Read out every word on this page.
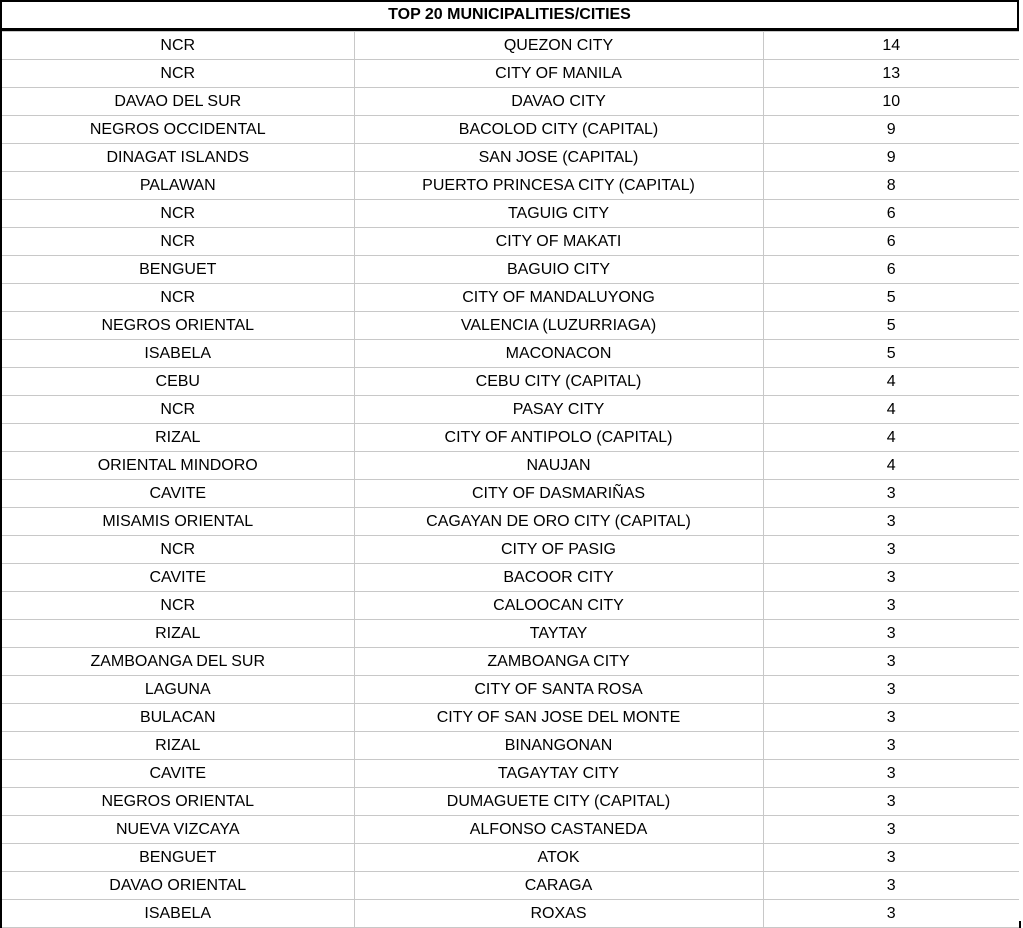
TOP 20 MUNICIPALITIES/CITIES
NCR	QUEZON CITY	14
NCR	CITY OF MANILA	13
DAVAO DEL SUR	DAVAO CITY	10
NEGROS OCCIDENTAL	BACOLOD CITY (CAPITAL)	9
DINAGAT ISLANDS	SAN JOSE (CAPITAL)	9
PALAWAN	PUERTO PRINCESA CITY (CAPITAL)	8
NCR	TAGUIG CITY	6
NCR	CITY OF MAKATI	6
BENGUET	BAGUIO CITY	6
NCR	CITY OF MANDALUYONG	5
NEGROS ORIENTAL	VALENCIA (LUZURRIAGA)	5
ISABELA	MACONACON	5
CEBU	CEBU CITY (CAPITAL)	4
NCR	PASAY CITY	4
RIZAL	CITY OF ANTIPOLO (CAPITAL)	4
ORIENTAL MINDORO	NAUJAN	4
CAVITE	CITY OF DASMARIÑAS	3
MISAMIS ORIENTAL	CAGAYAN DE ORO CITY (CAPITAL)	3
NCR	CITY OF PASIG	3
CAVITE	BACOOR CITY	3
NCR	CALOOCAN CITY	3
RIZAL	TAYTAY	3
ZAMBOANGA DEL SUR	ZAMBOANGA CITY	3
LAGUNA	CITY OF SANTA ROSA	3
BULACAN	CITY OF SAN JOSE DEL MONTE	3
RIZAL	BINANGONAN	3
CAVITE	TAGAYTAY CITY	3
NEGROS ORIENTAL	DUMAGUETE CITY (CAPITAL)	3
NUEVA VIZCAYA	ALFONSO CASTANEDA	3
BENGUET	ATOK	3
DAVAO ORIENTAL	CARAGA	3
ISABELA	ROXAS	3
